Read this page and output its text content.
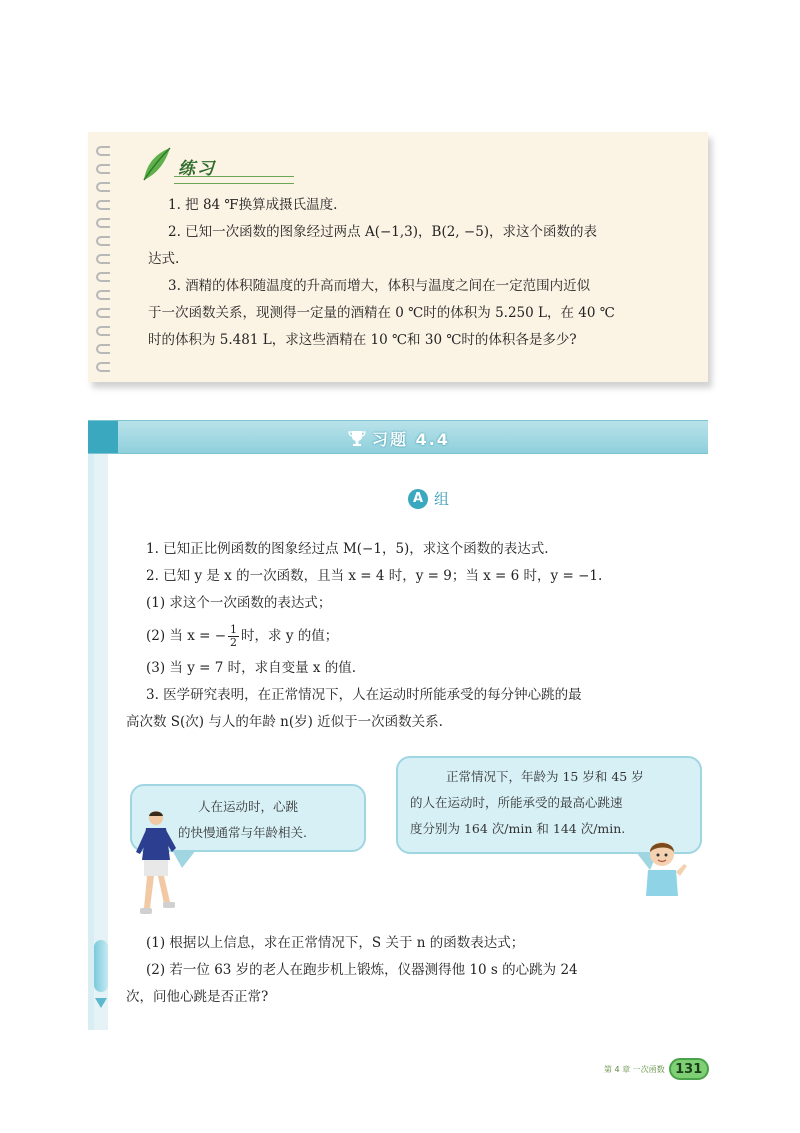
练习

1. 把 84 ℉换算成摄氏温度.

2. 已知一次函数的图象经过两点 A(−1,3)，B(2, −5)，求这个函数的表

达式.

3. 酒精的体积随温度的升高而增大，体积与温度之间在一定范围内近似

于一次函数关系，现测得一定量的酒精在 0 ℃时的体积为 5.250 L，在 40 ℃

时的体积为 5.481 L，求这些酒精在 10 ℃和 30 ℃时的体积各是多少?

习题 4.4
A 组

1. 已知正比例函数的图象经过点 M(−1，5)，求这个函数的表达式.

2. 已知 y 是 x 的一次函数，且当 x = 4 时，y = 9；当 x = 6 时，y = −1.

(1) 求这个一次函数的表达式；

(2) 当 x = − $\frac{1}{2}$ 时，求 y 的值；

(3) 当 y = 7 时，求自变量 x 的值.

3. 医学研究表明，在正常情况下，人在运动时所能承受的每分钟心跳的最

高次数 S(次) 与人的年龄 n(岁) 近似于一次函数关系.

人在运动时，心跳
的快慢通常与年龄相关.
正常情况下，年龄为 15 岁和 45 岁
的人在运动时，所能承受的最高心跳速
度分别为 164 次/min 和 144 次/min.

(1) 根据以上信息，求在正常情况下，S 关于 n 的函数表达式；

(2) 若一位 63 岁的老人在跑步机上锻炼，仪器测得他 10 s 的心跳为 24

次，问他心跳是否正常?

第 4 章 一次函数 131
